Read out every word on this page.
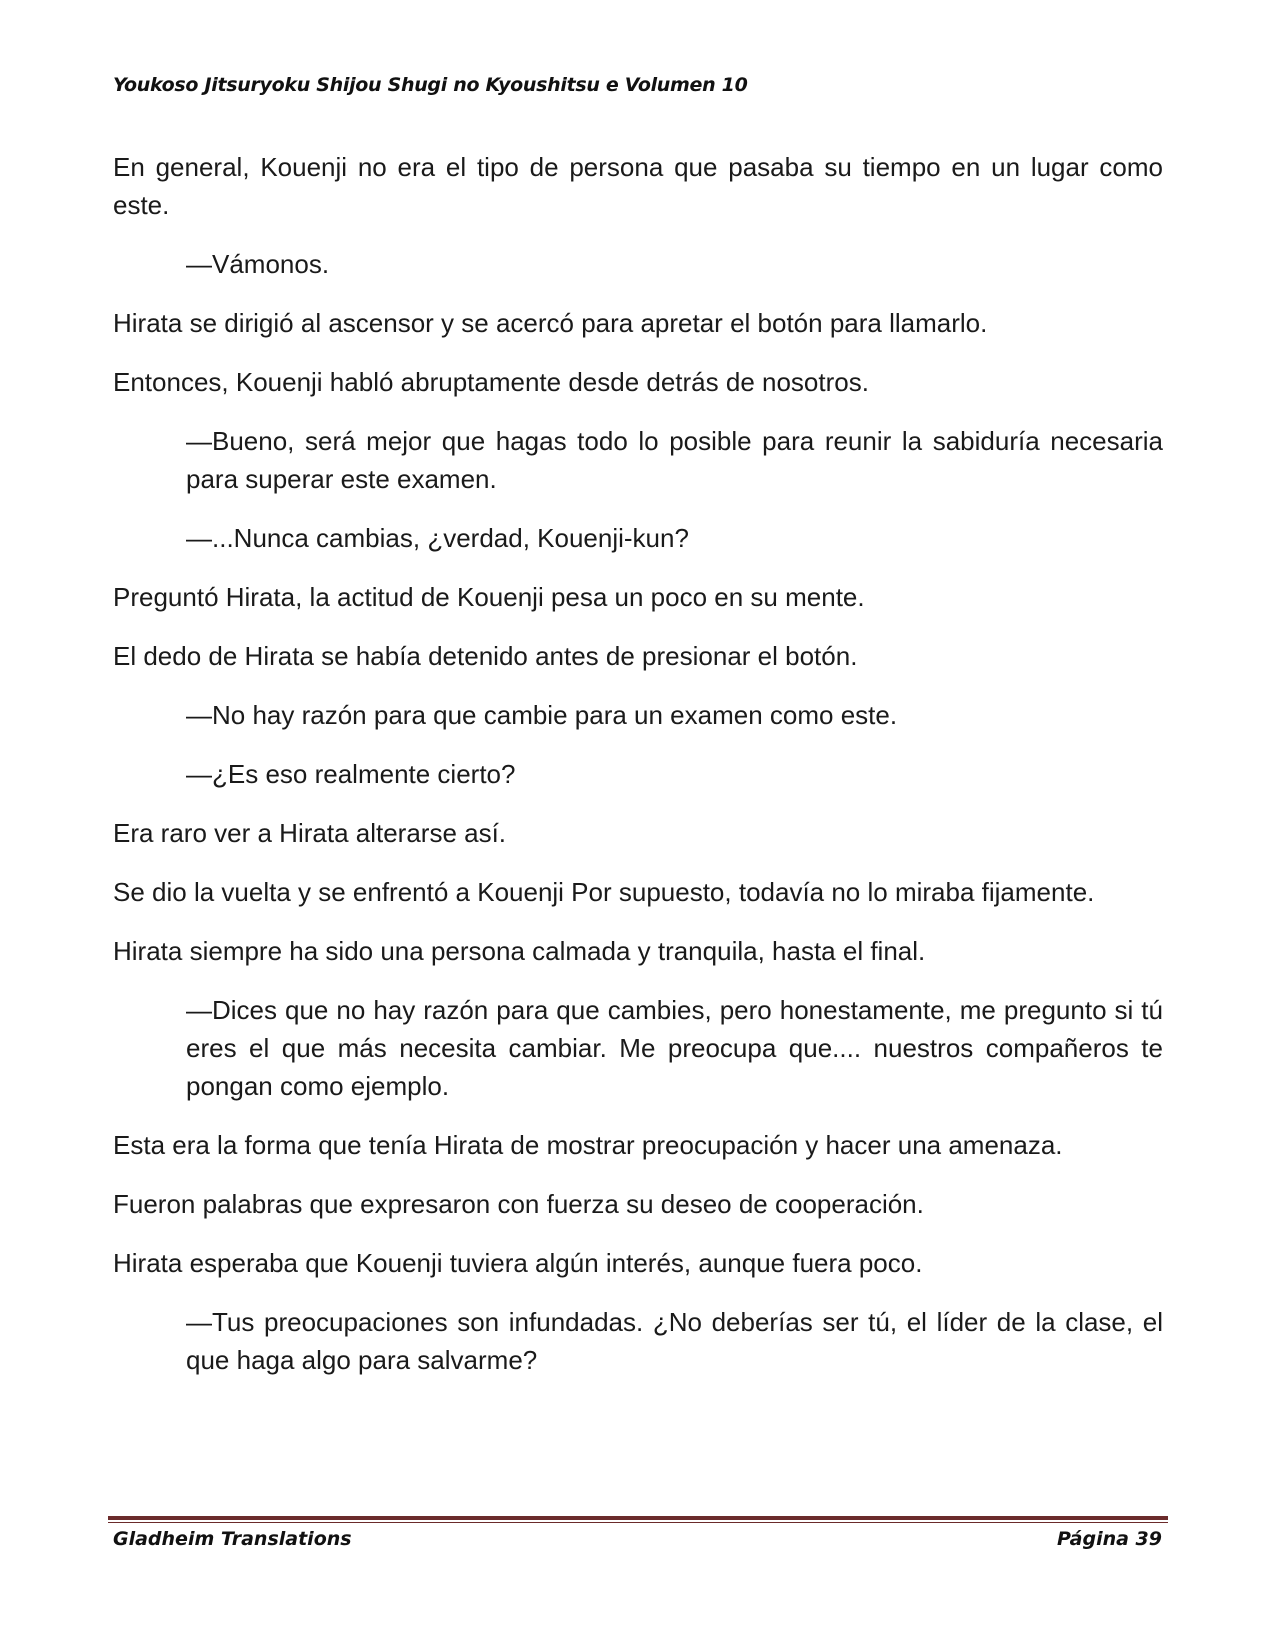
Youkoso Jitsuryoku Shijou Shugi no Kyoushitsu e Volumen 10

En general, Kouenji no era el tipo de persona que pasaba su tiempo en un lugar como este.

—Vámonos.

Hirata se dirigió al ascensor y se acercó para apretar el botón para llamarlo.

Entonces, Kouenji habló abruptamente desde detrás de nosotros.

—Bueno, será mejor que hagas todo lo posible para reunir la sabiduría necesaria para superar este examen.

—...Nunca cambias, ¿verdad, Kouenji-kun?

Preguntó Hirata, la actitud de Kouenji pesa un poco en su mente.

El dedo de Hirata se había detenido antes de presionar el botón.

—No hay razón para que cambie para un examen como este.

—¿Es eso realmente cierto?

Era raro ver a Hirata alterarse así.

Se dio la vuelta y se enfrentó a Kouenji Por supuesto, todavía no lo miraba fijamente.

Hirata siempre ha sido una persona calmada y tranquila, hasta el final.

—Dices que no hay razón para que cambies, pero honestamente, me pregunto si tú eres el que más necesita cambiar. Me preocupa que.... nuestros compañeros te pongan como ejemplo.

Esta era la forma que tenía Hirata de mostrar preocupación y hacer una amenaza.

Fueron palabras que expresaron con fuerza su deseo de cooperación.

Hirata esperaba que Kouenji tuviera algún interés, aunque fuera poco.

—Tus preocupaciones son infundadas. ¿No deberías ser tú, el líder de la clase, el que haga algo para salvarme?

Gladheim Translations	Página 39
